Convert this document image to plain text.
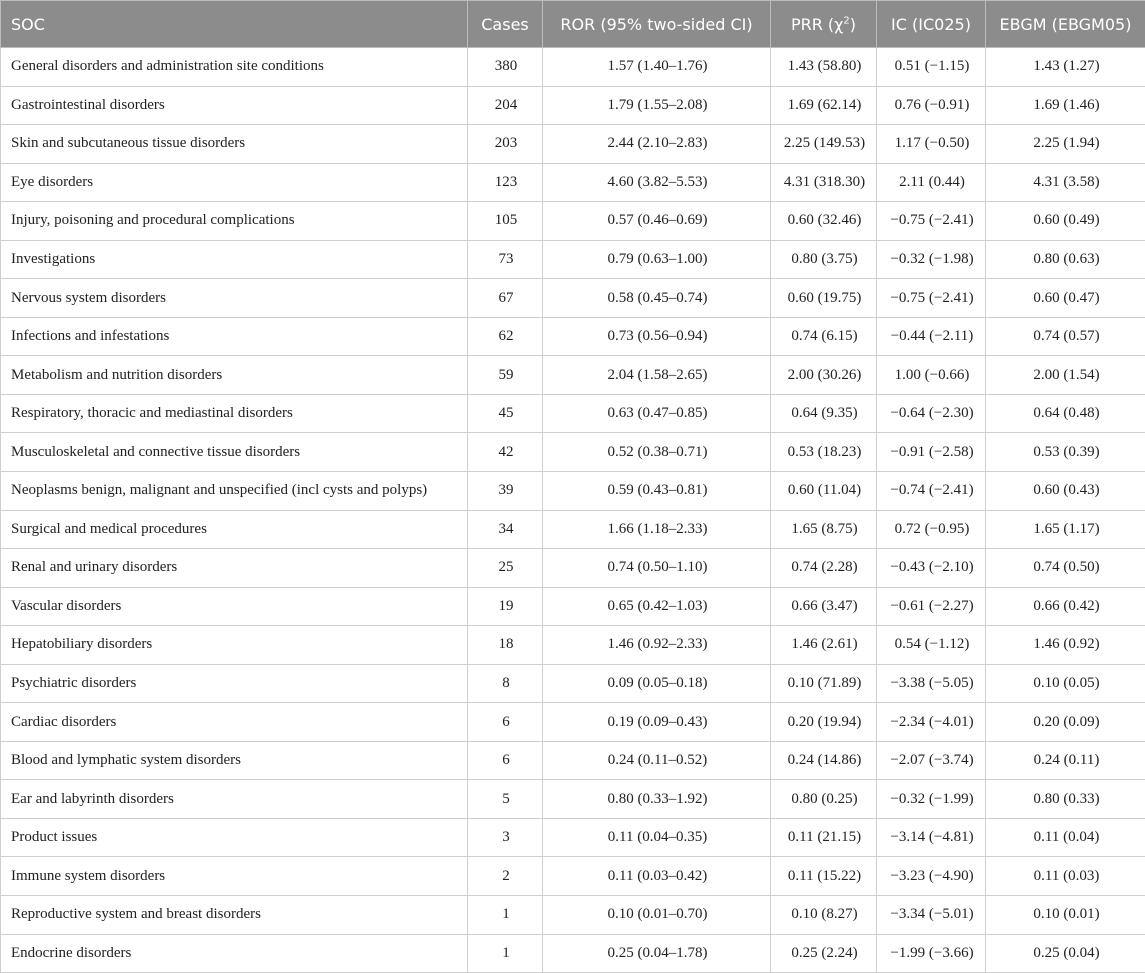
SOC	Cases	ROR (95% two-sided CI)	PRR $(\chi^2)$	IC (IC025)	EBGM (EBGM05)
General disorders and administration site conditions	380	1.57 (1.40–1.76)	1.43 (58.80)	0.51 (−1.15)	1.43 (1.27)
Gastrointestinal disorders	204	1.79 (1.55–2.08)	1.69 (62.14)	0.76 (−0.91)	1.69 (1.46)
Skin and subcutaneous tissue disorders	203	2.44 (2.10–2.83)	2.25 (149.53)	1.17 (−0.50)	2.25 (1.94)
Eye disorders	123	4.60 (3.82–5.53)	4.31 (318.30)	2.11 (0.44)	4.31 (3.58)
Injury, poisoning and procedural complications	105	0.57 (0.46–0.69)	0.60 (32.46)	−0.75 (−2.41)	0.60 (0.49)
Investigations	73	0.79 (0.63–1.00)	0.80 (3.75)	−0.32 (−1.98)	0.80 (0.63)
Nervous system disorders	67	0.58 (0.45–0.74)	0.60 (19.75)	−0.75 (−2.41)	0.60 (0.47)
Infections and infestations	62	0.73 (0.56–0.94)	0.74 (6.15)	−0.44 (−2.11)	0.74 (0.57)
Metabolism and nutrition disorders	59	2.04 (1.58–2.65)	2.00 (30.26)	1.00 (−0.66)	2.00 (1.54)
Respiratory, thoracic and mediastinal disorders	45	0.63 (0.47–0.85)	0.64 (9.35)	−0.64 (−2.30)	0.64 (0.48)
Musculoskeletal and connective tissue disorders	42	0.52 (0.38–0.71)	0.53 (18.23)	−0.91 (−2.58)	0.53 (0.39)
Neoplasms benign, malignant and unspecified (incl cysts and polyps)	39	0.59 (0.43–0.81)	0.60 (11.04)	−0.74 (−2.41)	0.60 (0.43)
Surgical and medical procedures	34	1.66 (1.18–2.33)	1.65 (8.75)	0.72 (−0.95)	1.65 (1.17)
Renal and urinary disorders	25	0.74 (0.50–1.10)	0.74 (2.28)	−0.43 (−2.10)	0.74 (0.50)
Vascular disorders	19	0.65 (0.42–1.03)	0.66 (3.47)	−0.61 (−2.27)	0.66 (0.42)
Hepatobiliary disorders	18	1.46 (0.92–2.33)	1.46 (2.61)	0.54 (−1.12)	1.46 (0.92)
Psychiatric disorders	8	0.09 (0.05–0.18)	0.10 (71.89)	−3.38 (−5.05)	0.10 (0.05)
Cardiac disorders	6	0.19 (0.09–0.43)	0.20 (19.94)	−2.34 (−4.01)	0.20 (0.09)
Blood and lymphatic system disorders	6	0.24 (0.11–0.52)	0.24 (14.86)	−2.07 (−3.74)	0.24 (0.11)
Ear and labyrinth disorders	5	0.80 (0.33–1.92)	0.80 (0.25)	−0.32 (−1.99)	0.80 (0.33)
Product issues	3	0.11 (0.04–0.35)	0.11 (21.15)	−3.14 (−4.81)	0.11 (0.04)
Immune system disorders	2	0.11 (0.03–0.42)	0.11 (15.22)	−3.23 (−4.90)	0.11 (0.03)
Reproductive system and breast disorders	1	0.10 (0.01–0.70)	0.10 (8.27)	−3.34 (−5.01)	0.10 (0.01)
Endocrine disorders	1	0.25 (0.04–1.78)	0.25 (2.24)	−1.99 (−3.66)	0.25 (0.04)
